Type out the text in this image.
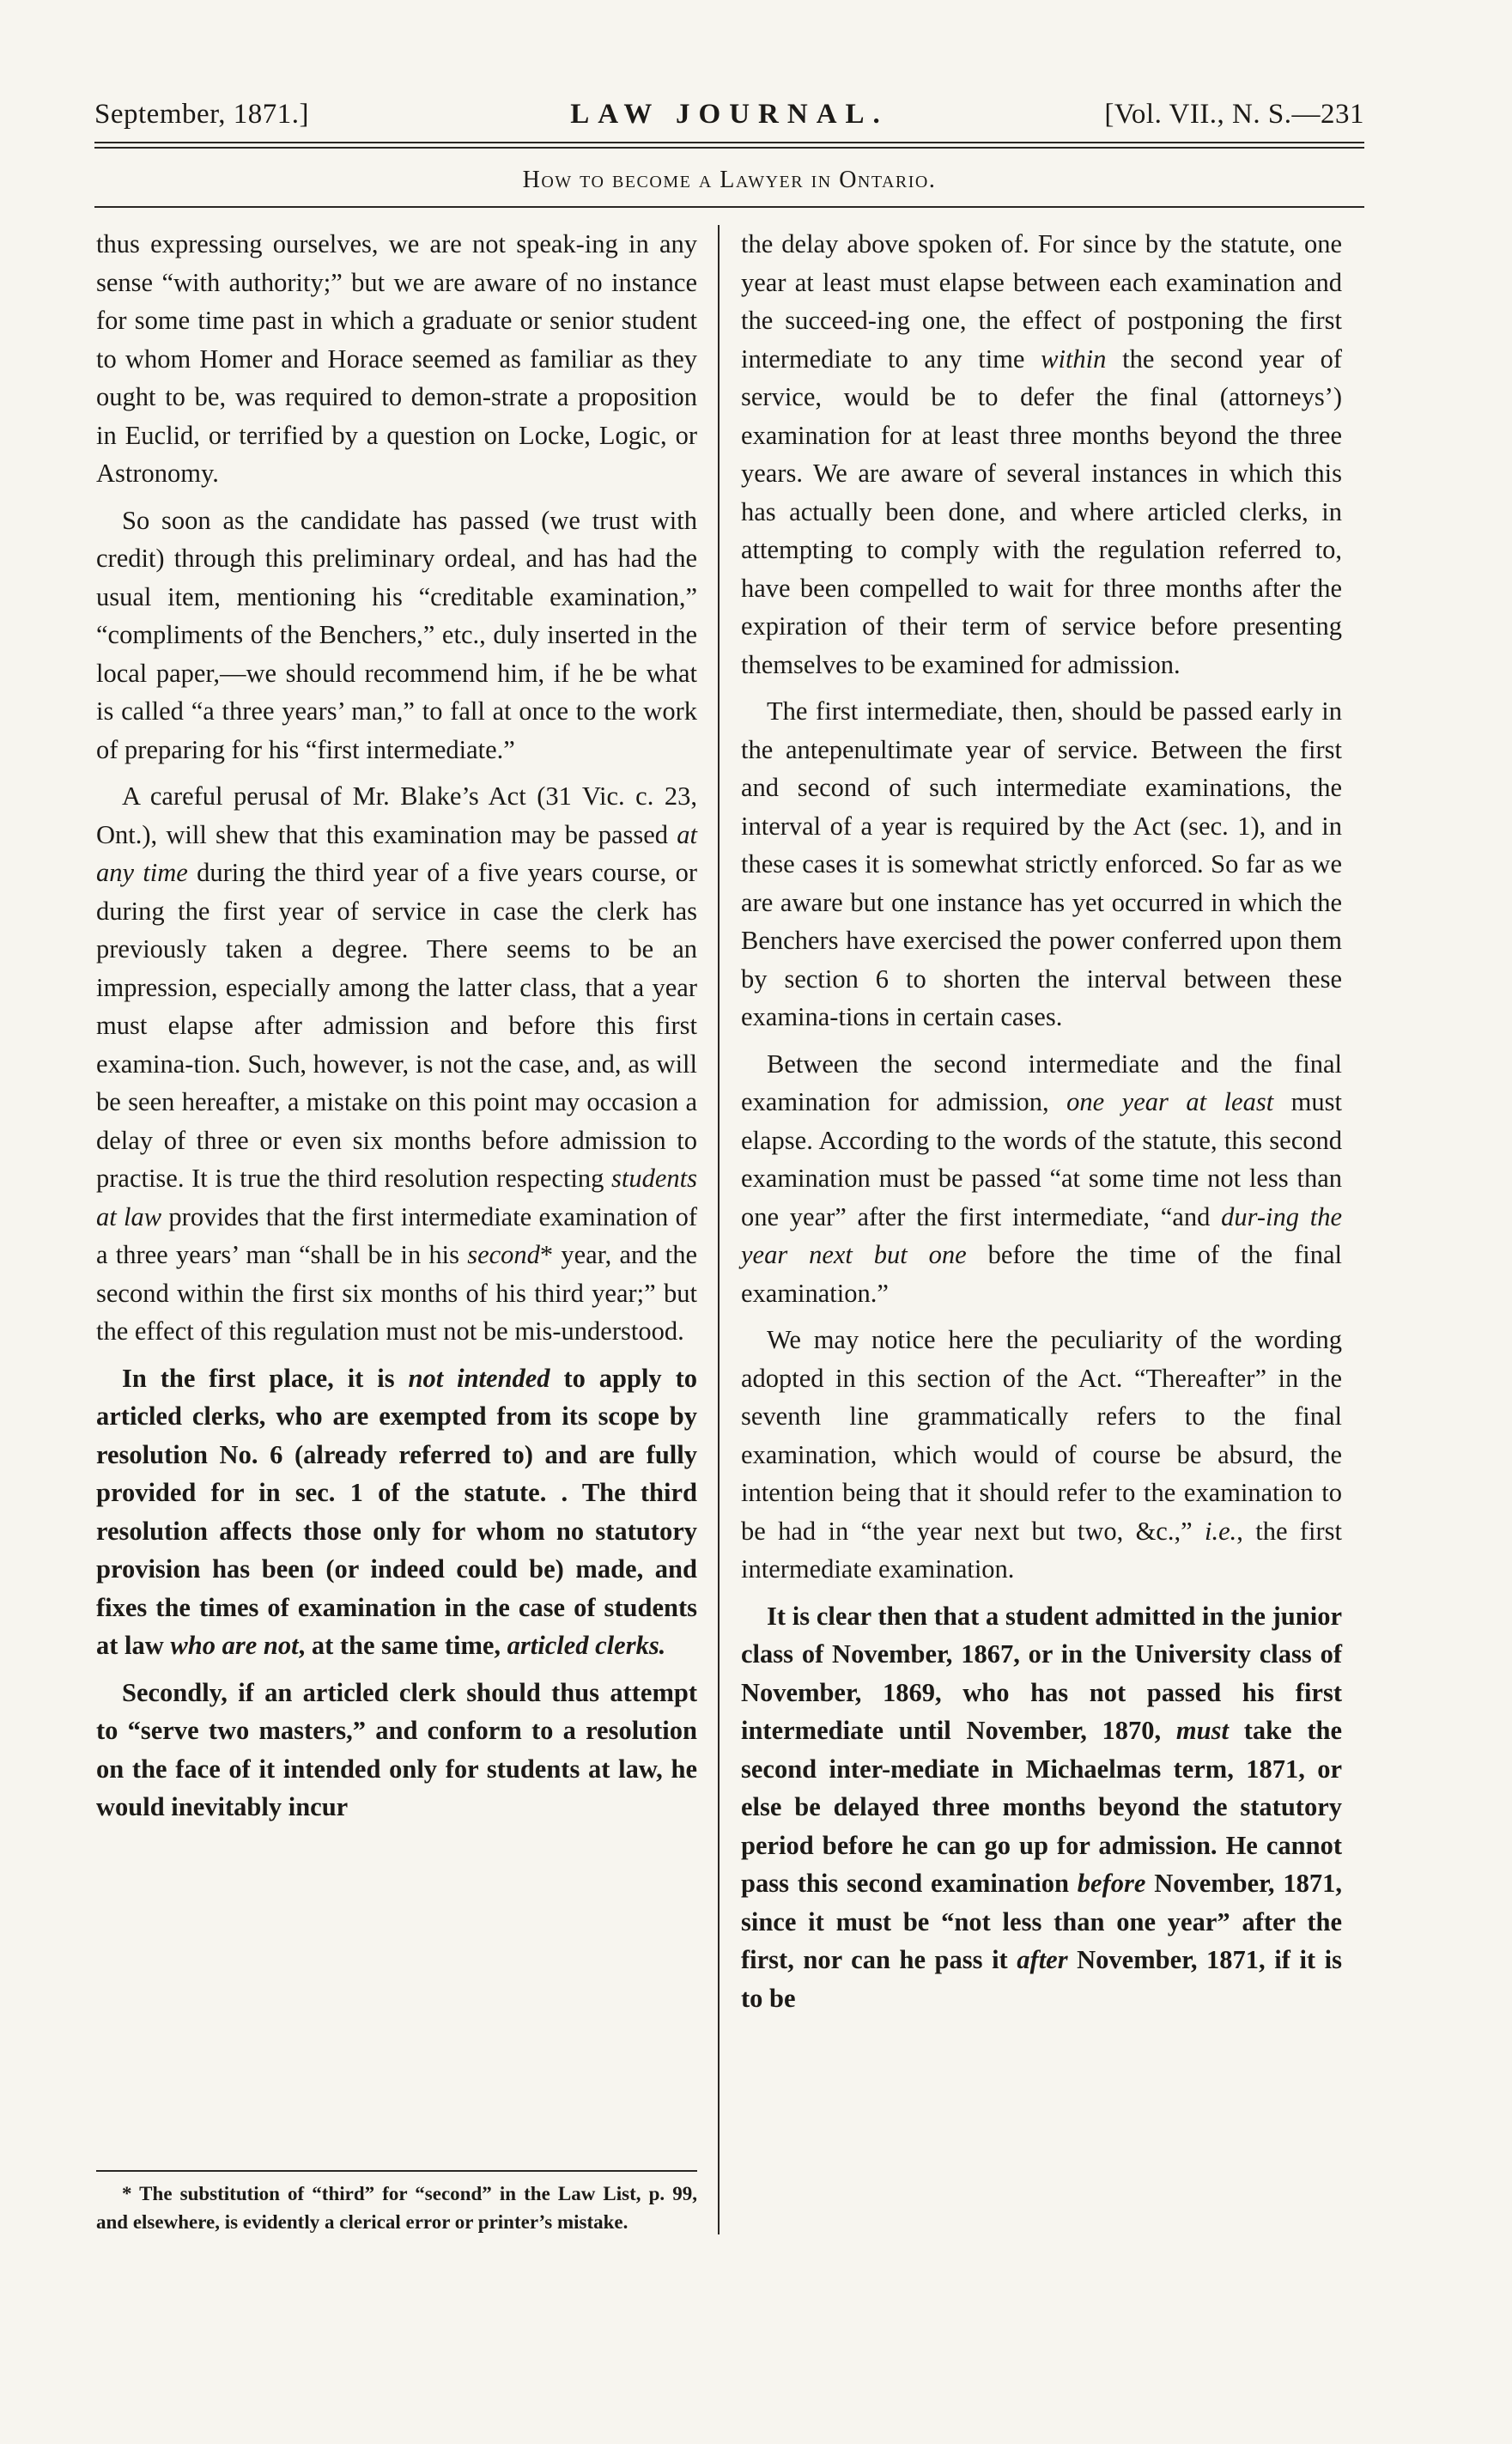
September, 1871.]	LAW JOURNAL.	[Vol. VII., N. S.—231
How to become a Lawyer in Ontario.

thus expressing ourselves, we are not speak-ing in any sense “with authority;” but we are aware of no instance for some time past in which a graduate or senior student to whom Homer and Horace seemed as familiar as they ought to be, was required to demon-strate a proposition in Euclid, or terrified by a question on Locke, Logic, or Astronomy.

So soon as the candidate has passed (we trust with credit) through this preliminary ordeal, and has had the usual item, mentioning his “creditable examination,” “compliments of the Benchers,” etc., duly inserted in the local paper,—we should recommend him, if he be what is called “a three years’ man,” to fall at once to the work of preparing for his “first intermediate.”

A careful perusal of Mr. Blake’s Act (31 Vic. c. 23, Ont.), will shew that this examination may be passed at any time during the third year of a five years course, or during the first year of service in case the clerk has previously taken a degree. There seems to be an impression, especially among the latter class, that a year must elapse after admission and before this first examina-tion. Such, however, is not the case, and, as will be seen hereafter, a mistake on this point may occasion a delay of three or even six months before admission to practise. It is true the third resolution respecting students at law provides that the first intermediate examination of a three years’ man “shall be in his second* year, and the second within the first six months of his third year;” but the effect of this regulation must not be mis-understood.

In the first place, it is not intended to apply to articled clerks, who are exempted from its scope by resolution No. 6 (already referred to) and are fully provided for in sec. 1 of the statute. . The third resolution affects those only for whom no statutory provision has been (or indeed could be) made, and fixes the times of examination in the case of students at law who are not, at the same time, articled clerks.

Secondly, if an articled clerk should thus attempt to “serve two masters,” and conform to a resolution on the face of it intended only for students at law, he would inevitably incur

the delay above spoken of. For since by the statute, one year at least must elapse between each examination and the succeed-ing one, the effect of postponing the first intermediate to any time within the second year of service, would be to defer the final (attorneys’) examination for at least three months beyond the three years. We are aware of several instances in which this has actually been done, and where articled clerks, in attempting to comply with the regulation referred to, have been compelled to wait for three months after the expiration of their term of service before presenting themselves to be examined for admission.

The first intermediate, then, should be passed early in the antepenultimate year of service. Between the first and second of such intermediate examinations, the interval of a year is required by the Act (sec. 1), and in these cases it is somewhat strictly enforced. So far as we are aware but one instance has yet occurred in which the Benchers have exercised the power conferred upon them by section 6 to shorten the interval between these examina-tions in certain cases.

Between the second intermediate and the final examination for admission, one year at least must elapse. According to the words of the statute, this second examination must be passed “at some time not less than one year” after the first intermediate, “and dur-ing the year next but one before the time of the final examination.”

We may notice here the peculiarity of the wording adopted in this section of the Act. “Thereafter” in the seventh line grammatically refers to the final examination, which would of course be absurd, the intention being that it should refer to the examination to be had in “the year next but two, &c.,” i.e., the first intermediate examination.

It is clear then that a student admitted in the junior class of November, 1867, or in the University class of November, 1869, who has not passed his first intermediate until November, 1870, must take the second inter-mediate in Michaelmas term, 1871, or else be delayed three months beyond the statutory period before he can go up for admission. He cannot pass this second examination before November, 1871, since it must be “not less than one year” after the first, nor can he pass it after November, 1871, if it is to be

* The substitution of “third” for “second” in the Law List, p. 99, and elsewhere, is evidently a clerical error or printer’s mistake.
